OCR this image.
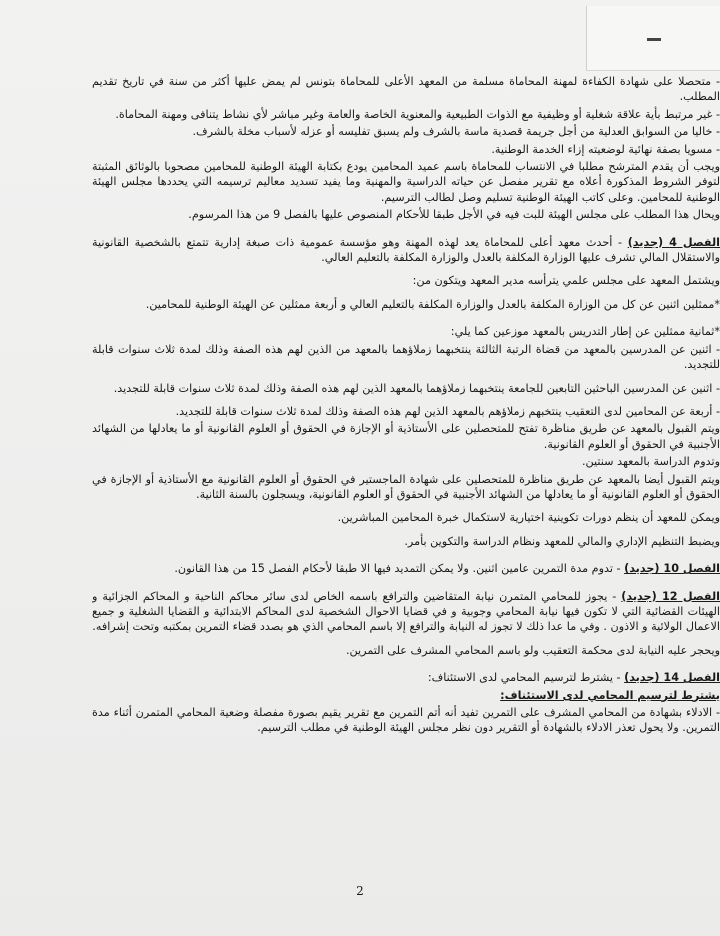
- متحصلا على شهادة الكفاءة لمهنة المحاماة مسلمة من المعهد الأعلى للمحاماة بتونس لم يمض عليها أكثر من سنة في تاريخ تقديم المطلب.

- غير مرتبط بأية علاقة شغلية أو وظيفية مع الذوات الطبيعية والمعنوية الخاصة والعامة وغير مباشر لأي نشاط يتنافى ومهنة المحاماة.

- خاليا من السوابق العدلية من أجل جريمة قصدية ماسة بالشرف ولم يسبق تفليسه أو عزله لأسباب مخلة بالشرف.

- مسويا بصفة نهائية لوضعيته إزاء الخدمة الوطنية.

ويجب أن يقدم المترشح مطلبا في الانتساب للمحاماة باسم عميد المحامين يودع بكتابة الهيئة الوطنية للمحامين مصحوبا بالوثائق المثبتة لتوفر الشروط المذكورة أعلاه مع تقرير مفصل عن حياته الدراسية والمهنية وما يفيد تسديد معاليم ترسيمه التي يحددها مجلس الهيئة الوطنية للمحامين. وعلى كاتب الهيئة الوطنية تسليم وصل لطالب الترسيم.

ويحال هذا المطلب على مجلس الهيئة للبت فيه في الأجل طبقا للأحكام المنصوص عليها بالفصل 9 من هذا المرسوم.

الفصل 4 (جديد) - أحدث معهد أعلى للمحاماة يعد لهذه المهنة وهو مؤسسة عمومية ذات صبغة إدارية تتمتع بالشخصية القانونية والاستقلال المالي تشرف عليها الوزارة المكلفة بالعدل والوزارة المكلفة بالتعليم العالي.

ويشتمل المعهد على مجلس علمي يترأسه مدير المعهد ويتكون من:

*ممثلين اثنين عن كل من الوزارة المكلفة بالعدل والوزارة المكلفة بالتعليم العالي و أربعة ممثلين عن الهيئة الوطنية للمحامين.

*ثمانية ممثلين عن إطار التدريس بالمعهد موزعين كما يلي:

- اثنين عن المدرسين بالمعهد من قضاة الرتبة الثالثة ينتخبهما زملاؤهما بالمعهد من الذين لهم هذه الصفة وذلك لمدة ثلاث سنوات قابلة للتجديد.

- اثنين عن المدرسين الباحثين التابعين للجامعة ينتخبهما زملاؤهما بالمعهد الذين لهم هذه الصفة وذلك لمدة ثلاث سنوات قابلة للتجديد.

- أربعة عن المحامين لدى التعقيب ينتخبهم زملاؤهم بالمعهد الذين لهم هذه الصفة وذلك لمدة ثلاث سنوات قابلة للتجديد.

ويتم القبول بالمعهد عن طريق مناظرة تفتح للمتحصلين على الأستاذية أو الإجازة في الحقوق أو العلوم القانونية أو ما يعادلها من الشهائد الأجنبية في الحقوق أو العلوم القانونية.

وتدوم الدراسة بالمعهد سنتين.

ويتم القبول أيضا بالمعهد عن طريق مناظرة للمتحصلين على شهادة الماجستير في الحقوق أو العلوم القانونية مع الأستاذية أو الإجازة في الحقوق أو العلوم القانونية أو ما يعادلها من الشهائد الأجنبية في الحقوق أو العلوم القانونية، ويسجلون بالسنة الثانية.

ويمكن للمعهد أن ينظم دورات تكوينية اختيارية لاستكمال خبرة المحامين المباشرين.

ويضبط التنظيم الإداري والمالي للمعهد ونظام الدراسة والتكوين بأمر.

الفصل 10 (جديد) - تدوم مدة التمرين عامين اثنين. ولا يمكن التمديد فيها الا طبقا لأحكام الفصل 15 من هذا القانون.

الفصل 12 (جديد) - يجوز للمحامي المتمرن نيابة المتقاضين والترافع باسمه الخاص لدى سائر محاكم الناحية و المحاكم الجزائية و الهيئات القضائية التي لا تكون فيها نيابة المحامي وجوبية و في قضايا الاحوال الشخصية لدى المحاكم الابتدائية و القضايا الشغلية و جميع الاعمال الولائية و الاذون . وفي ما عدا ذلك لا تجوز له النيابة والترافع إلا باسم المحامي الذي هو بصدد قضاء التمرين بمكتبه وتحت إشرافه.

ويحجر عليه النيابة لدى محكمة التعقيب ولو باسم المحامي المشرف على التمرين.

الفصل 14 (جديد) - يشترط لترسيم المحامي لدى الاستئناف:

يشترط لترسيم المحامي لدى الاستئناف:

- الادلاء بشهادة من المحامي المشرف على التمرين تفيد أنه أتم التمرين مع تقرير يقيم بصورة مفصلة وضعية المحامي المتمرن أثناء مدة التمرين. ولا يحول تعذر الادلاء بالشهادة أو التقرير دون نظر مجلس الهيئة الوطنية في مطلب الترسيم.

2
